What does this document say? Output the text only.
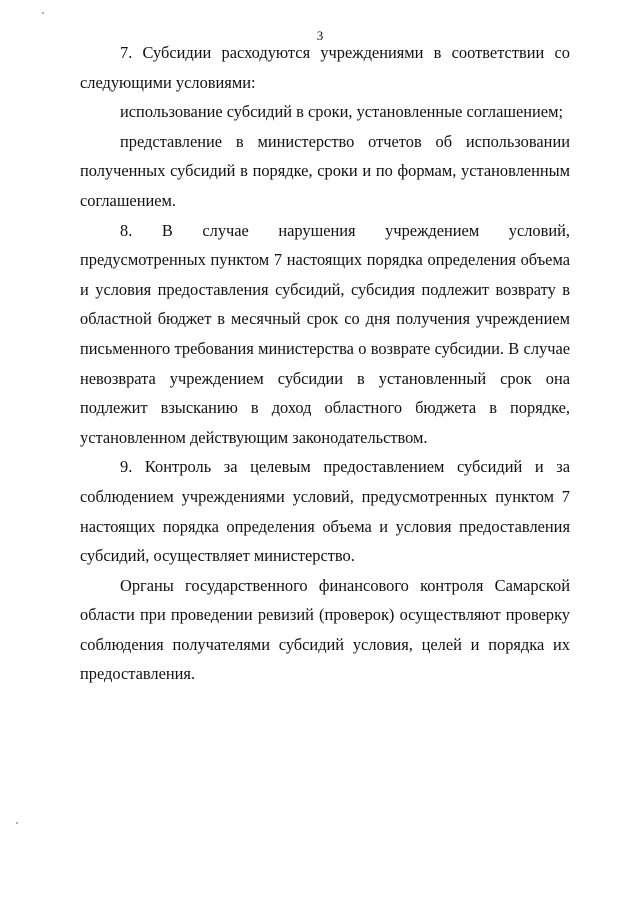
3

7. Субсидии расходуются учреждениями в соответствии со следующими условиями:

использование субсидий в сроки, установленные соглашением;

представление в министерство отчетов об использовании полученных субсидий в порядке, сроки и по формам, установленным соглашением.

8. В случае нарушения учреждением условий, предусмотренных пунктом 7 настоящих порядка определения объема и условия предоставления субсидий, субсидия подлежит возврату в областной бюджет в месячный срок со дня получения учреждением письменного требования министерства о возврате субсидии. В случае невозврата учреждением субсидии в установленный срок она подлежит взысканию в доход областного бюджета в порядке, установленном действующим законодательством.

9. Контроль за целевым предоставлением субсидий и за соблюдением учреждениями условий, предусмотренных пунктом 7 настоящих порядка определения объема и условия предоставления субсидий, осуществляет министерство.

Органы государственного финансового контроля Самарской области при проведении ревизий (проверок) осуществляют проверку соблюдения получателями субсидий условия, целей и порядка их предоставления.
